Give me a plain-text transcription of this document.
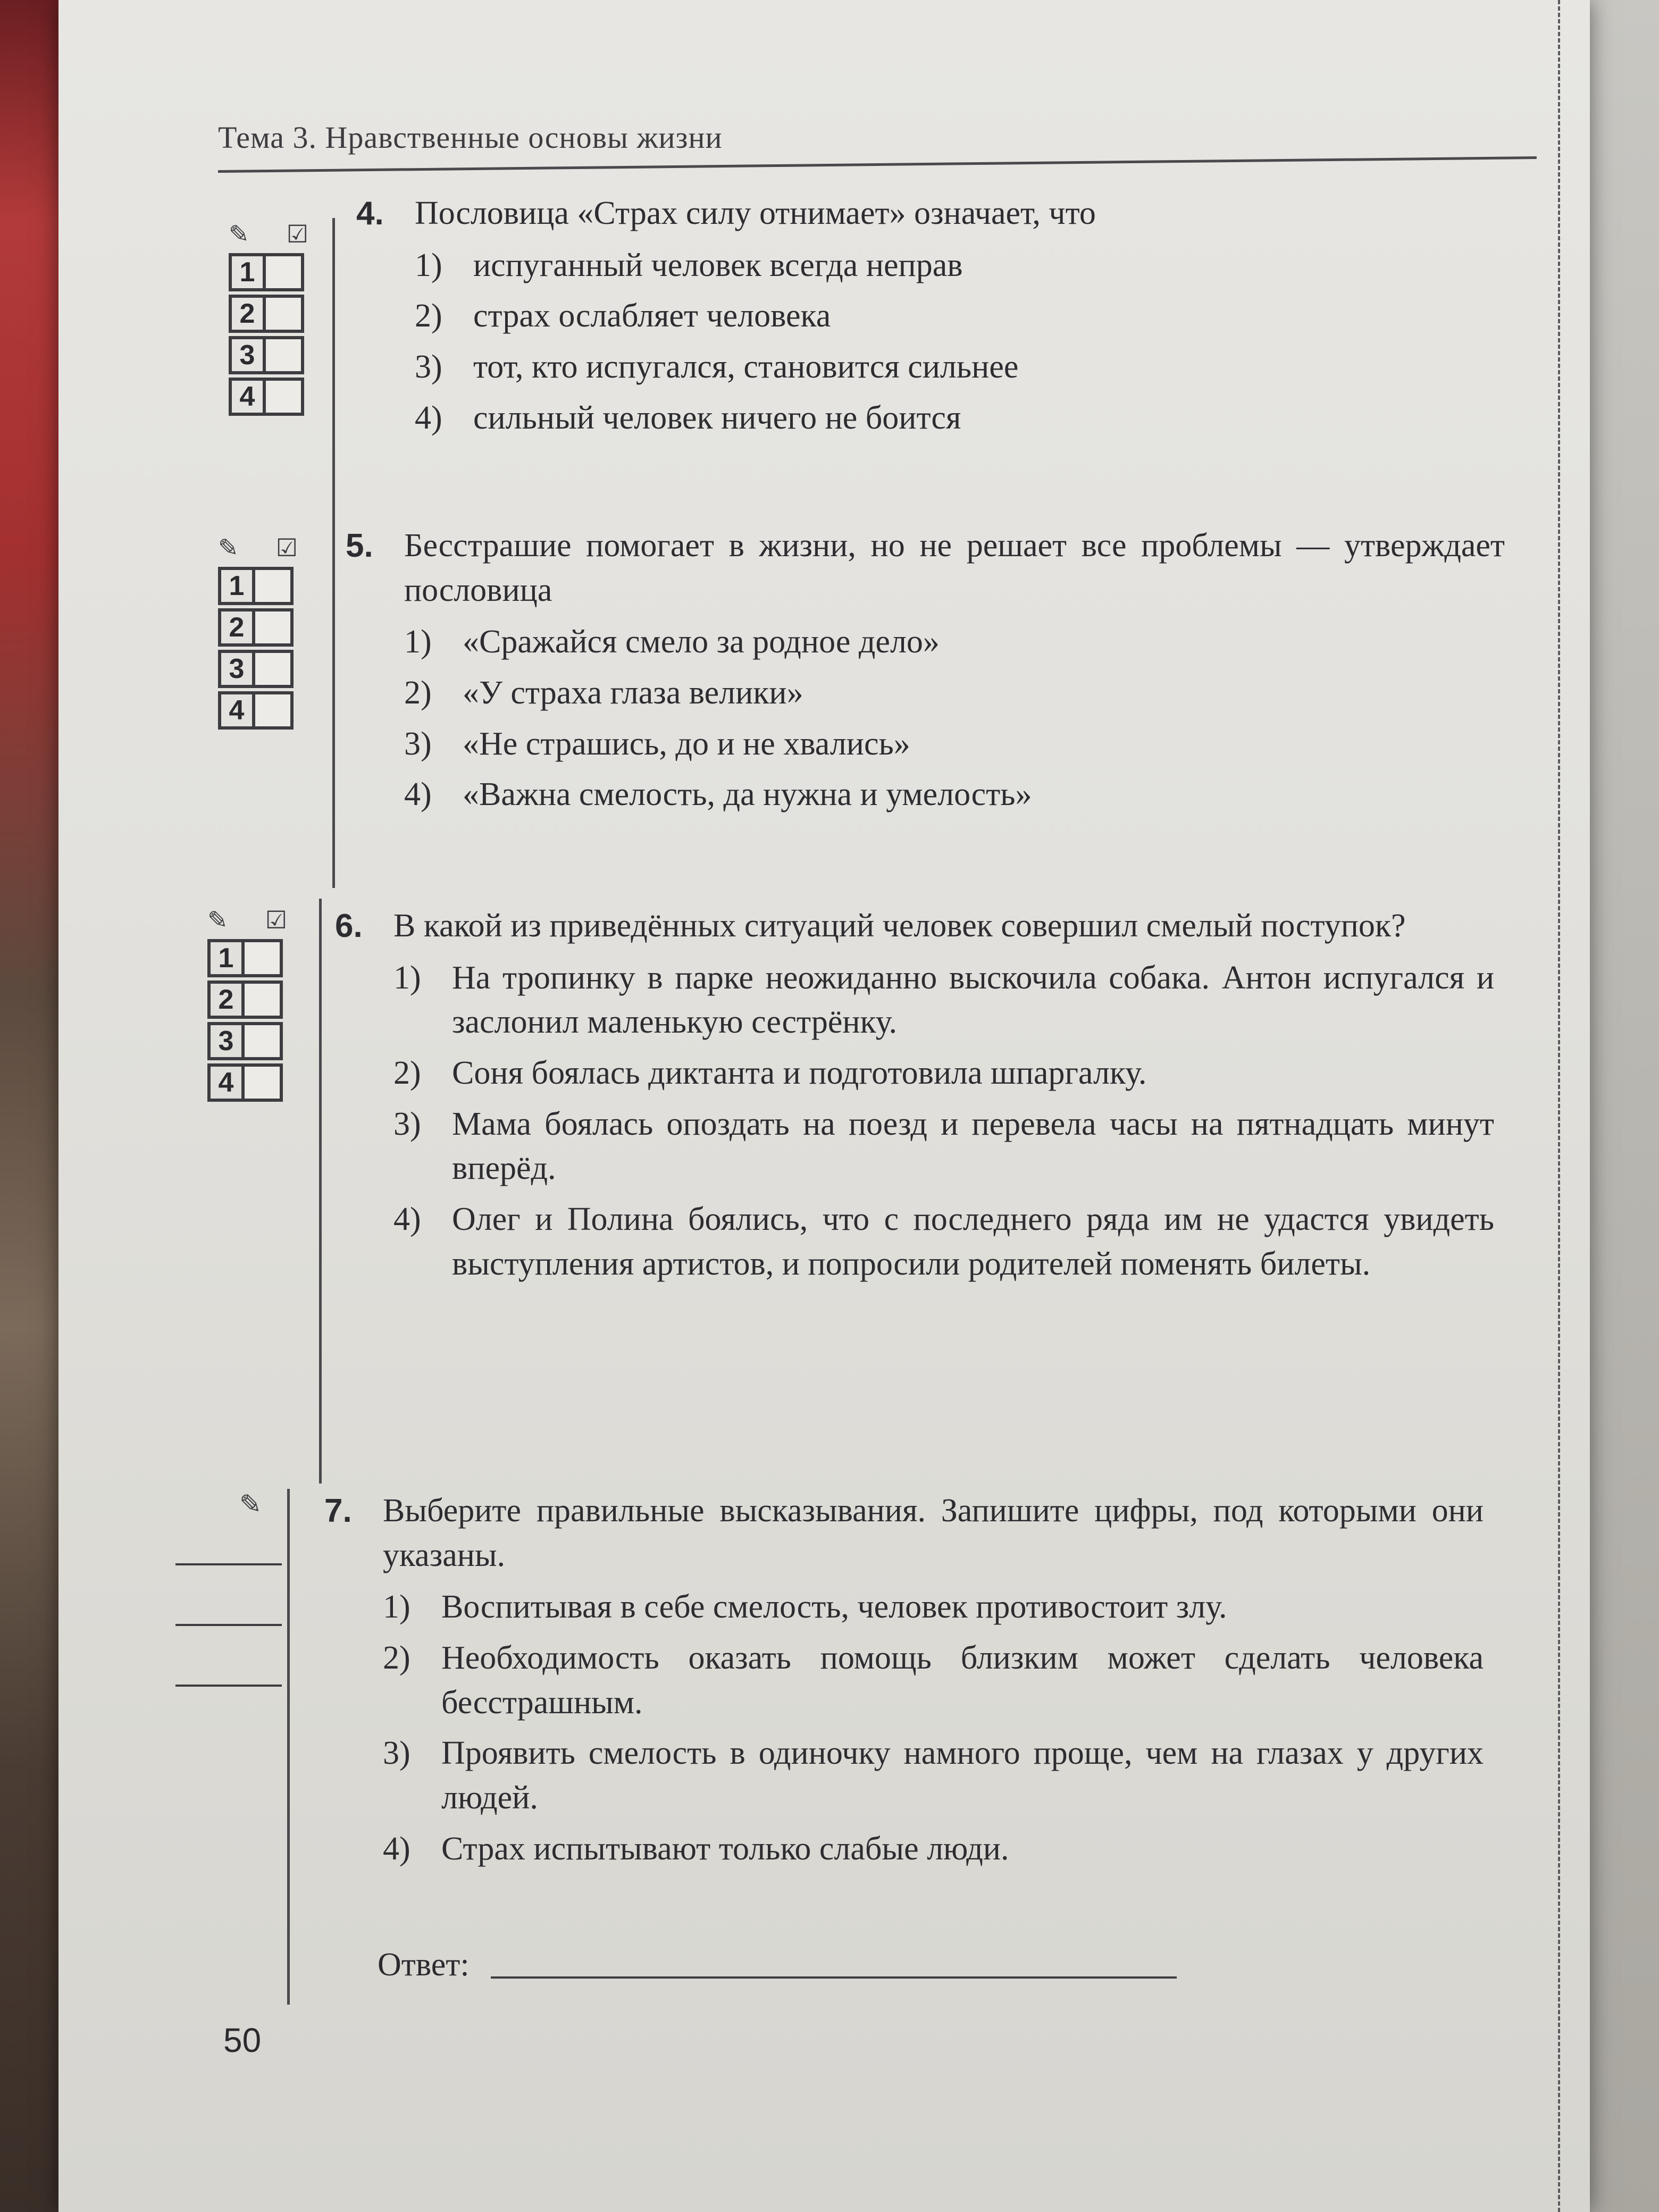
Тема 3. Нравственные основы жизни
✎ ☑
1
2
3
4
4. Пословица «Страх силу отнимает» означает, что
1) испуганный человек всегда неправ
2) страх ослабляет человека
3) тот, кто испугался, становится сильнее
4) сильный человек ничего не боится
✎ ☑
1
2
3
4
5. Бесстрашие помогает в жизни, но не решает все проблемы — утверждает пословица
1) «Сражайся смело за родное дело»
2) «У страха глаза велики»
3) «Не страшись, до и не хвались»
4) «Важна смелость, да нужна и умелость»
✎ ☑
1
2
3
4
6. В какой из приведённых ситуаций человек совершил смелый поступок?
1) На тропинку в парке неожиданно выскочила собака. Антон испугался и заслонил маленькую сестрёнку.
2) Соня боялась диктанта и подготовила шпаргалку.
3) Мама боялась опоздать на поезд и перевела часы на пятнадцать минут вперёд.
4) Олег и Полина боялись, что с последнего ряда им не удастся увидеть выступления артистов, и попросили родителей поменять билеты.
✎ 7. Выберите правильные высказывания. Запишите цифры, под которыми они указаны.
1) Воспитывая в себе смелость, человек противостоит злу.
2) Необходимость оказать помощь близким может сделать человека бесстрашным.
3) Проявить смелость в одиночку намного проще, чем на глазах у других людей.
4) Страх испытывают только слабые люди.
Ответ:
50
